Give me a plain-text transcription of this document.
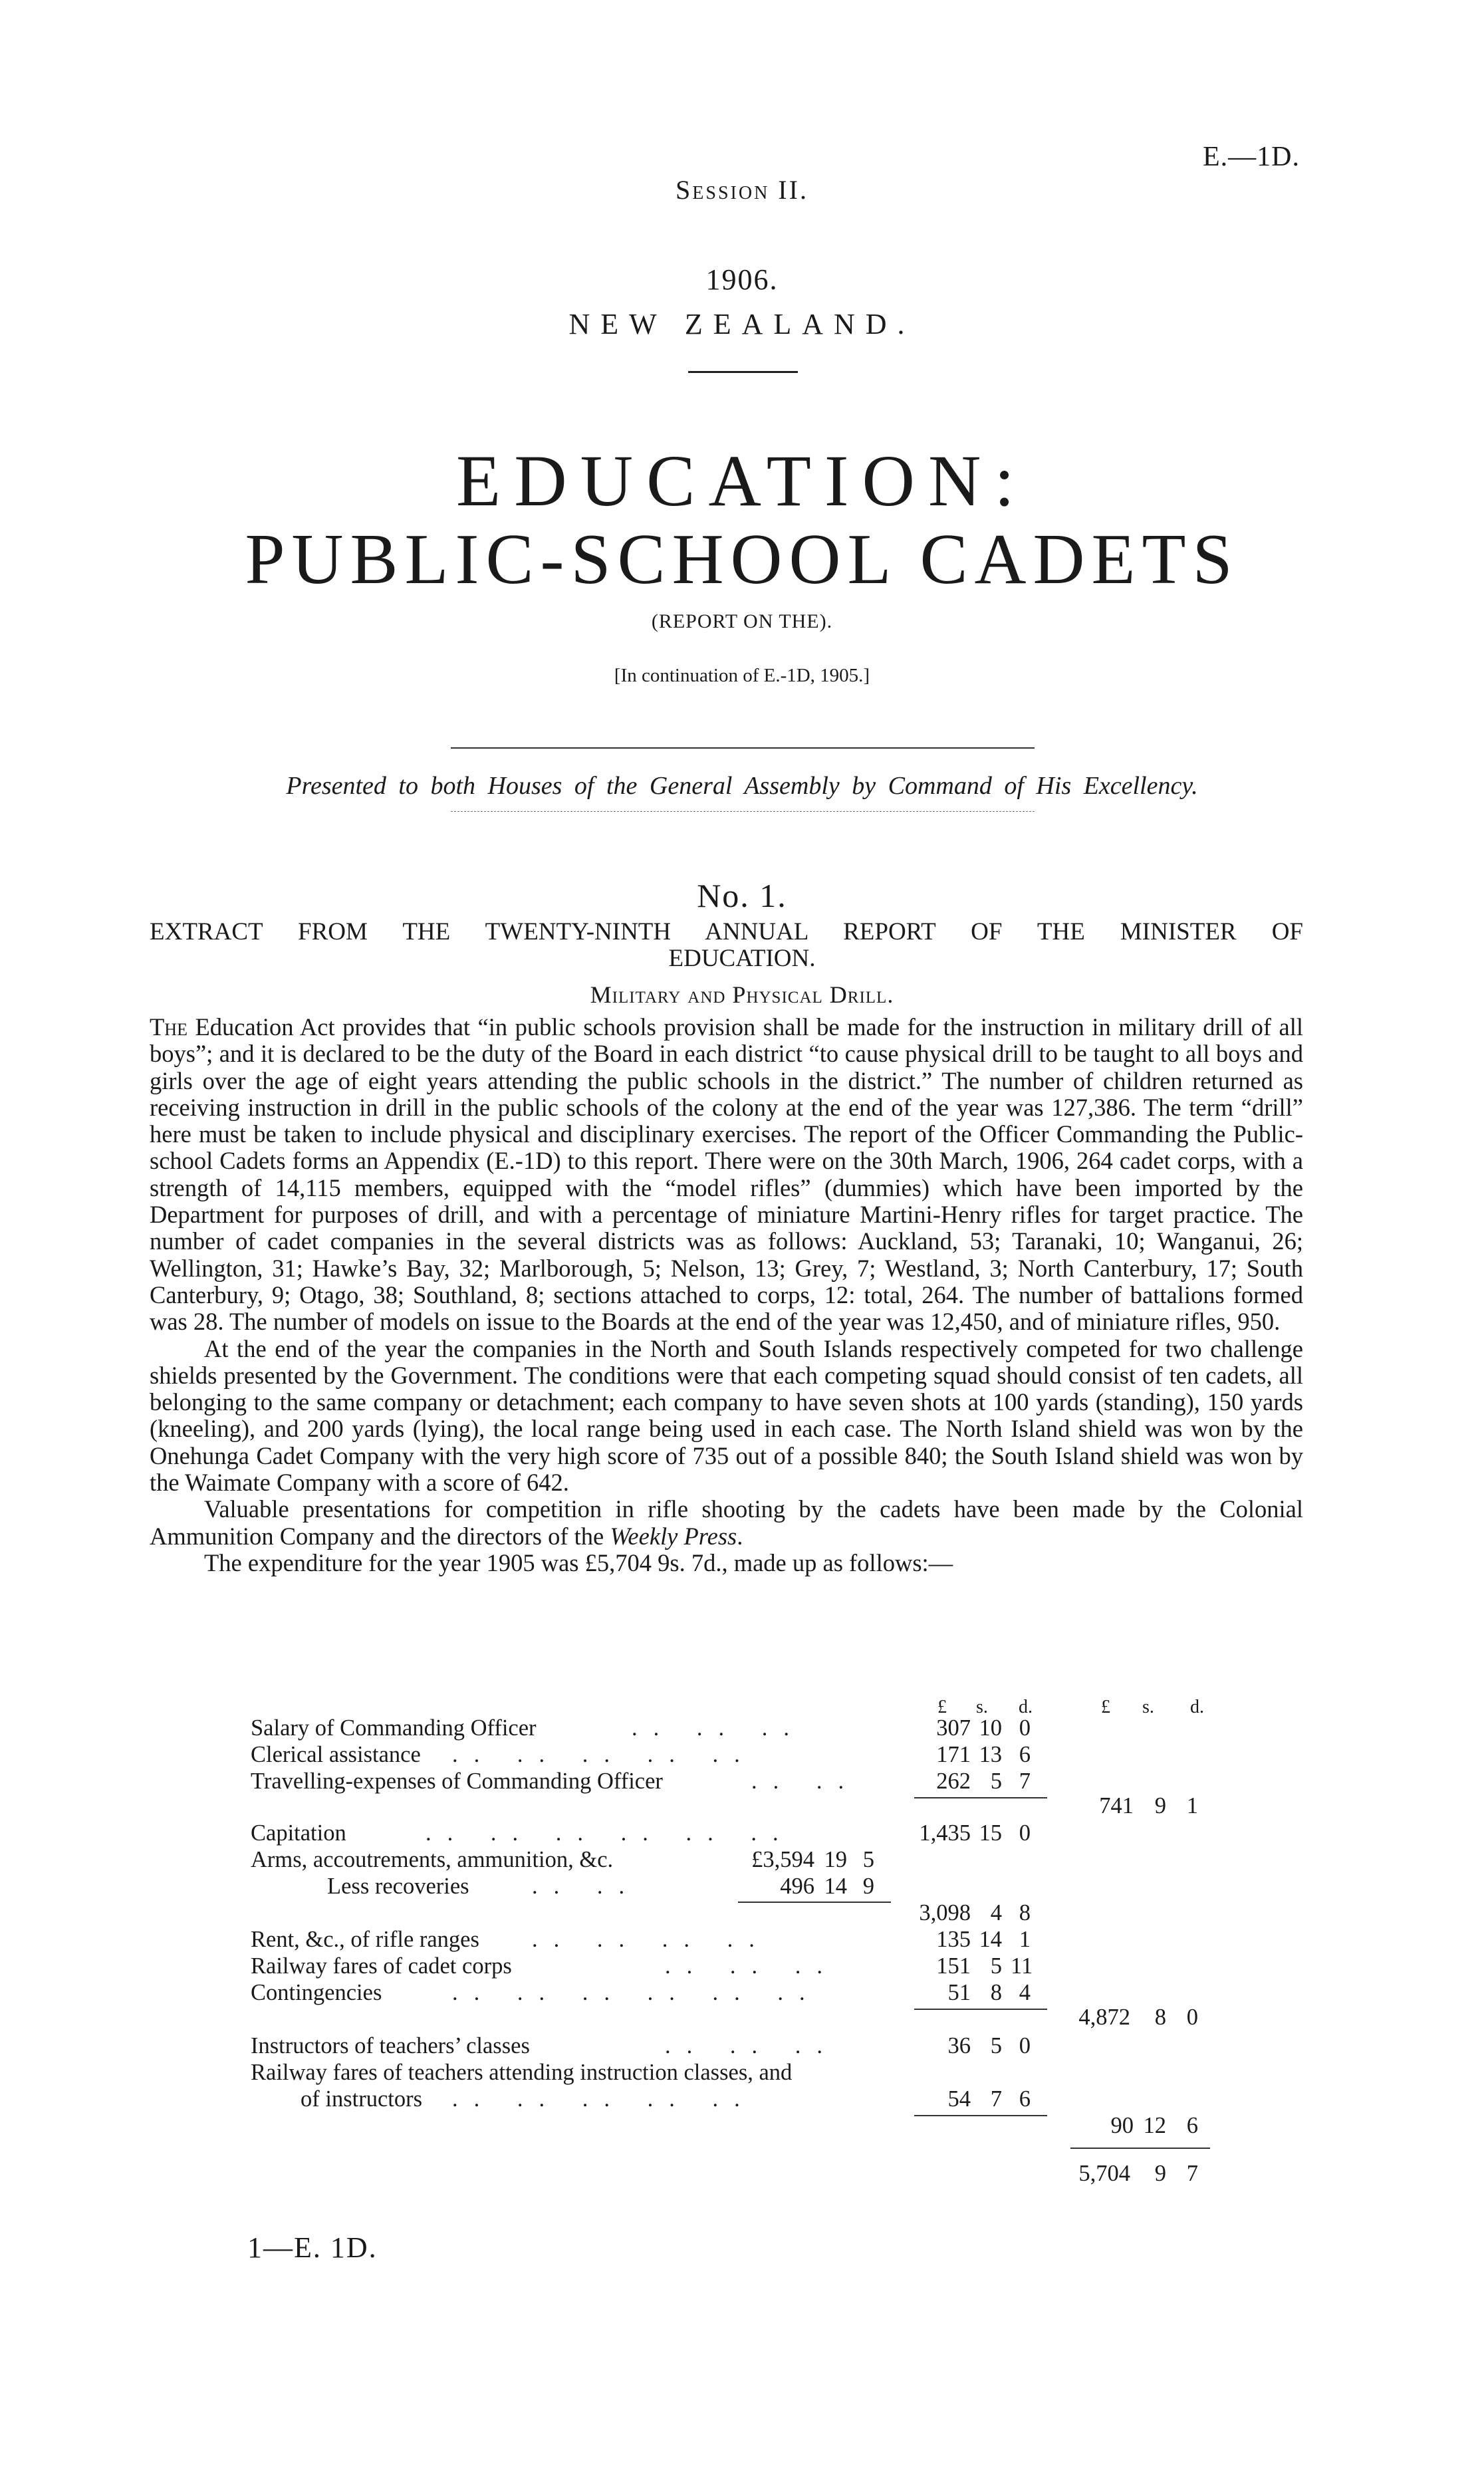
E.—1D.
Session II.
1906.
NEW ZEALAND.
EDUCATION:
PUBLIC-SCHOOL CADETS
(REPORT ON THE).
[In continuation of E.-1D, 1905.]
Presented to both Houses of the General Assembly by Command of His Excellency.
No. 1.
EXTRACT FROM THE TWENTY-NINTH ANNUAL REPORT OF THE MINISTER OF
EDUCATION.
Military and Physical Drill.

The Education Act provides that “in public schools provision shall be made for the instruction in military drill of all boys”; and it is declared to be the duty of the Board in each district “to cause physical drill to be taught to all boys and girls over the age of eight years attending the public schools in the district.” The number of children returned as receiving instruction in drill in the public schools of the colony at the end of the year was 127,386. The term “drill” here must be taken to include physical and disciplinary exercises. The report of the Officer Commanding the Public-school Cadets forms an Appendix (E.-1D) to this report. There were on the 30th March, 1906, 264 cadet corps, with a strength of 14,115 members, equipped with the “model rifles” (dummies) which have been imported by the Department for purposes of drill, and with a percentage of miniature Martini-Henry rifles for target practice. The number of cadet companies in the several districts was as follows: Auckland, 53; Taranaki, 10; Wanganui, 26; Wellington, 31; Hawke’s Bay, 32; Marlborough, 5; Nelson, 13; Grey, 7; Westland, 3; North Canterbury, 17; South Canterbury, 9; Otago, 38; Southland, 8; sections attached to corps, 12: total, 264. The number of battalions formed was 28. The number of models on issue to the Boards at the end of the year was 12,450, and of miniature rifles, 950.

At the end of the year the companies in the North and South Islands respectively competed for two challenge shields presented by the Government. The conditions were that each competing squad should consist of ten cadets, all belonging to the same company or detachment; each company to have seven shots at 100 yards (standing), 150 yards (kneeling), and 200 yards (lying), the local range being used in each case. The North Island shield was won by the Onehunga Cadet Company with the very high score of 735 out of a possible 840; the South Island shield was won by the Waimate Company with a score of 642.

Valuable presentations for competition in rifle shooting by the cadets have been made by the Colonial Ammunition Company and the directors of the Weekly Press.

The expenditure for the year 1905 was £5,704 9s. 7d., made up as follows:—

£ s. d.	£ s. d.
Salary of Commanding Officer	.. .. ..	307 10 0
Clerical assistance .. .. .. .. ..	171 13 6
Travelling-expenses of Commanding Officer	.. ..	262 5 7
741 9 1
Capitation	.. .. .. .. .. ..	1,435 15 0
Arms, accoutrements, ammunition, &c.	£3,594 19 5
Less recoveries	.. ..	496 14 9
3,098 4 8
Rent, &c., of rifle ranges .. .. .. ..	135 14 1
Railway fares of cadet corps	.. .. ..	151 5 11
Contingencies	.. .. .. .. .. ..	51 8 4
4,872	8 0
Instructors of teachers’ classes	.. .. ..	36 5 0
Railway fares of teachers attending instruction classes, and
of instructors .. .. .. .. ..	54 7 6
90 12 6
5,704	9 7
1—E. 1D.
